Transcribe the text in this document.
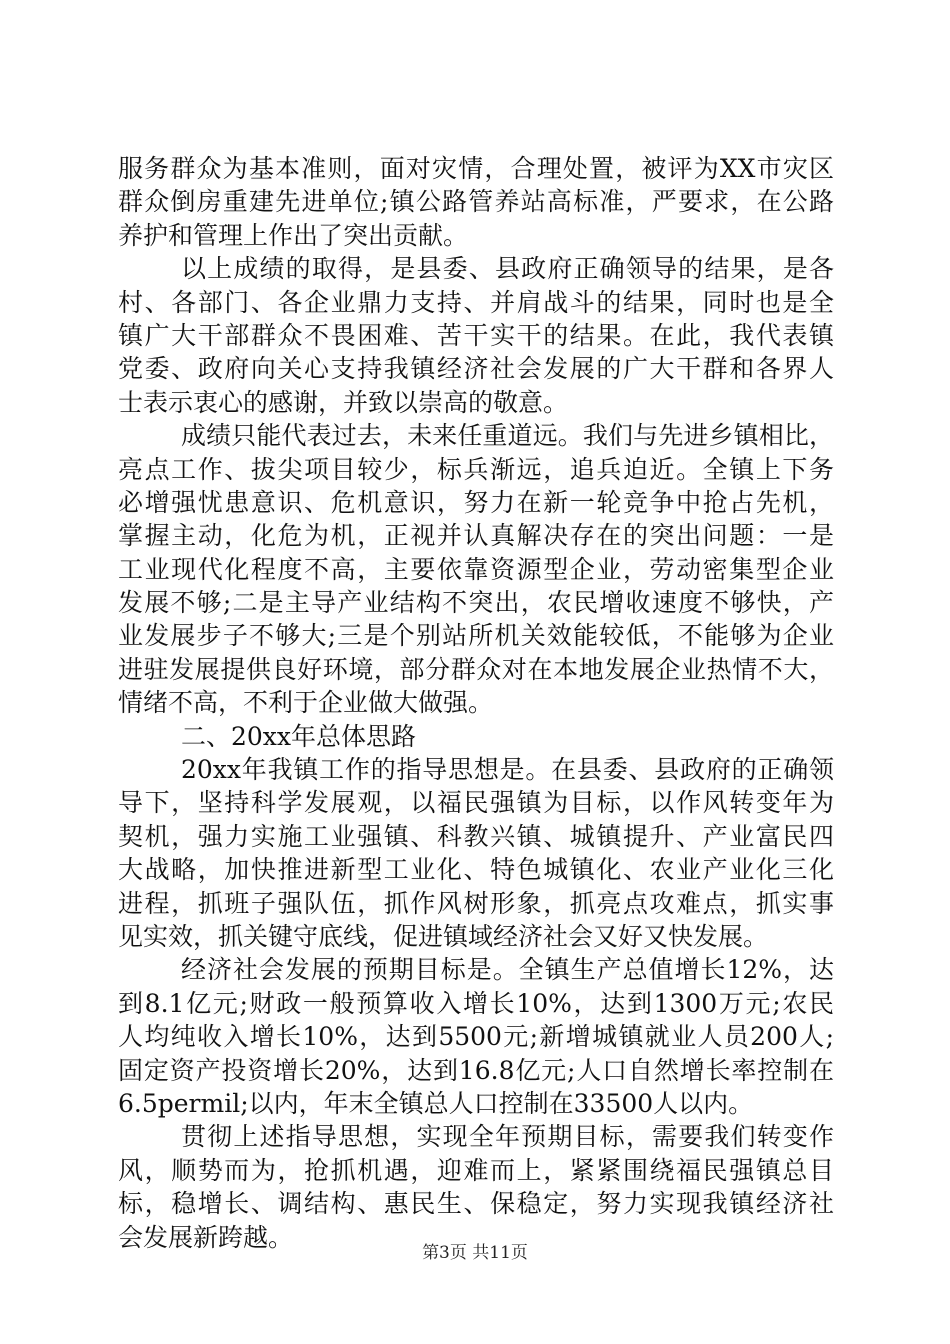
服务群众为基本准则，面对灾情，合理处置，被评为XX市灾区
群众倒房重建先进单位;镇公路管养站高标准，严要求，在公路
养护和管理上作出了突出贡献。
以上成绩的取得，是县委、县政府正确领导的结果，是各
村、各部门、各企业鼎力支持、并肩战斗的结果，同时也是全
镇广大干部群众不畏困难、苦干实干的结果。在此，我代表镇
党委、政府向关心支持我镇经济社会发展的广大干群和各界人
士表示衷心的感谢，并致以崇高的敬意。
成绩只能代表过去，未来任重道远。我们与先进乡镇相比，
亮点工作、拔尖项目较少，标兵渐远，追兵迫近。全镇上下务
必增强忧患意识、危机意识，努力在新一轮竞争中抢占先机，
掌握主动，化危为机，正视并认真解决存在的突出问题：一是
工业现代化程度不高，主要依靠资源型企业，劳动密集型企业
发展不够;二是主导产业结构不突出，农民增收速度不够快，产
业发展步子不够大;三是个别站所机关效能较低，不能够为企业
进驻发展提供良好环境，部分群众对在本地发展企业热情不大，
情绪不高，不利于企业做大做强。
二、20xx年总体思路
20xx年我镇工作的指导思想是。在县委、县政府的正确领
导下，坚持科学发展观，以福民强镇为目标，以作风转变年为
契机，强力实施工业强镇、科教兴镇、城镇提升、产业富民四
大战略，加快推进新型工业化、特色城镇化、农业产业化三化
进程，抓班子强队伍，抓作风树形象，抓亮点攻难点，抓实事
见实效，抓关键守底线，促进镇域经济社会又好又快发展。
经济社会发展的预期目标是。全镇生产总值增长12%，达
到8.1亿元;财政一般预算收入增长10%，达到1300万元;农民
人均纯收入增长10%，达到5500元;新增城镇就业人员200人;
固定资产投资增长20%，达到16.8亿元;人口自然增长率控制在
6.5permil;以内，年末全镇总人口控制在33500人以内。
贯彻上述指导思想，实现全年预期目标，需要我们转变作
风，顺势而为，抢抓机遇，迎难而上，紧紧围绕福民强镇总目
标，稳增长、调结构、惠民生、保稳定，努力实现我镇经济社
会发展新跨越。
第3页 共11页
